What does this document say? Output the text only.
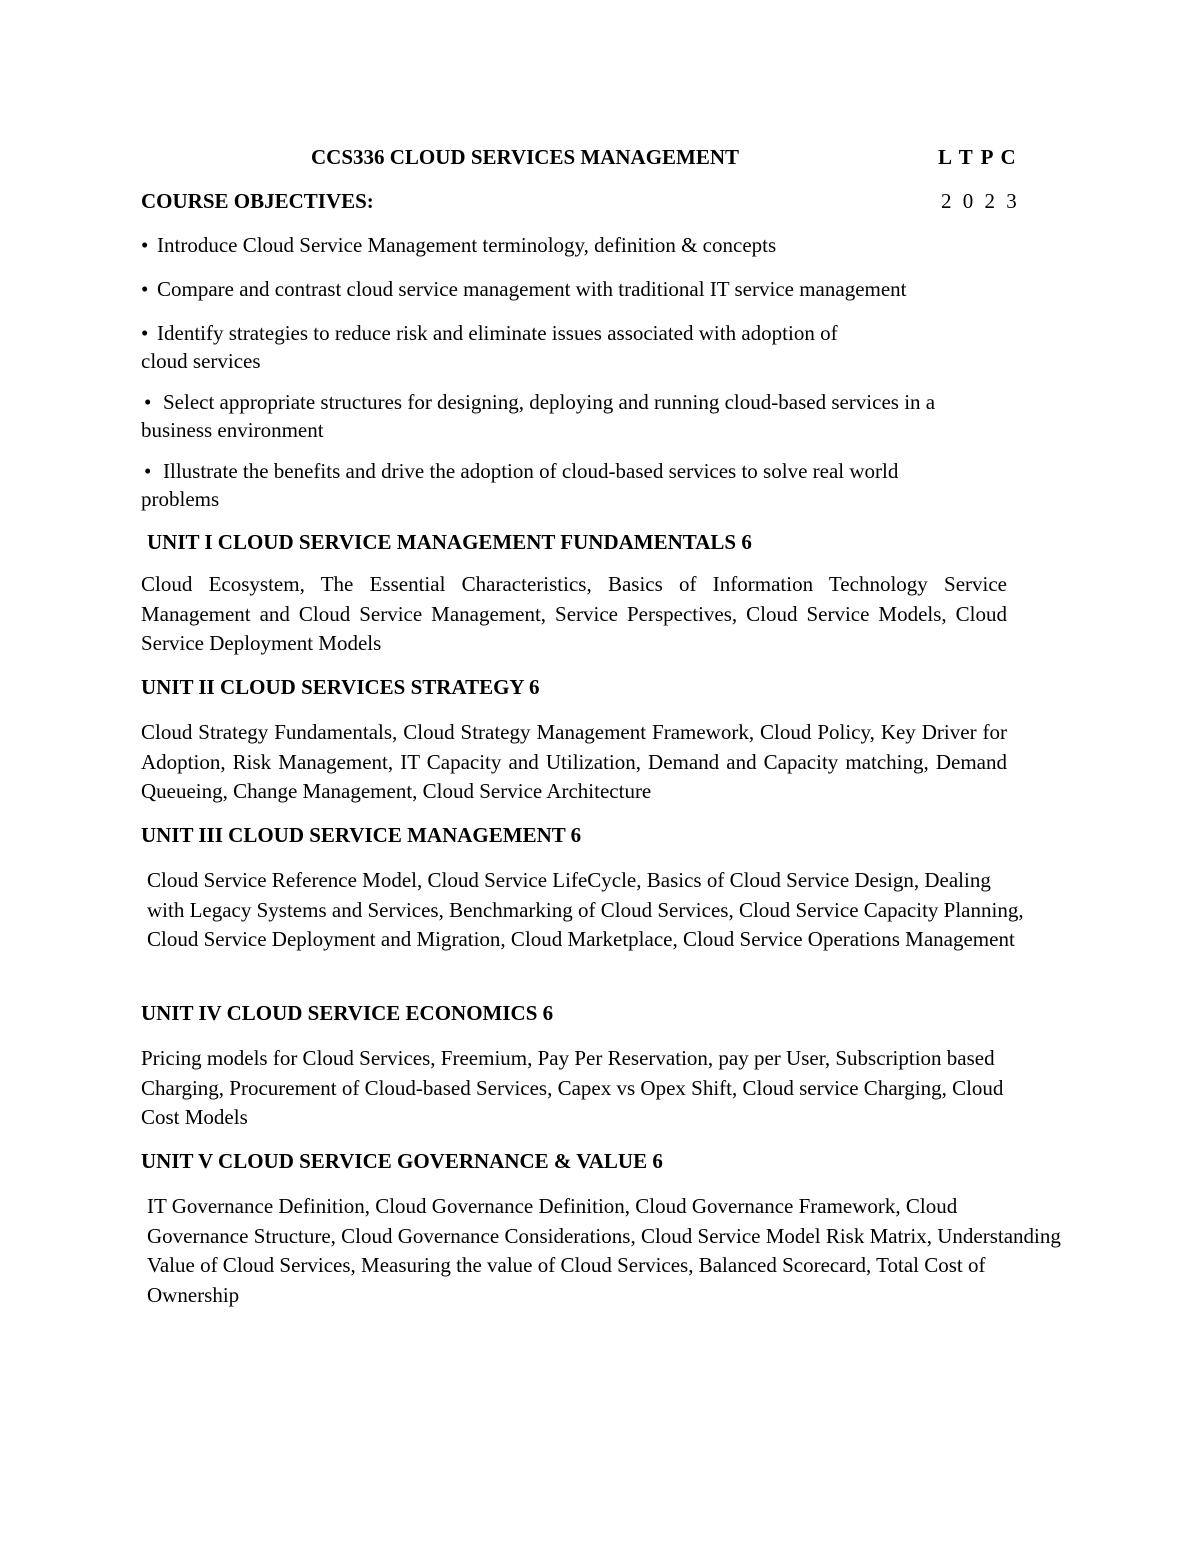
CCS336 CLOUD SERVICES MANAGEMENT	L T P C
2 0 2 3
COURSE OBJECTIVES:
• Introduce Cloud Service Management terminology, definition & concepts
• Compare and contrast cloud service management with traditional IT service management
• Identify strategies to reduce risk and eliminate issues associated with adoption of
cloud services
• Select appropriate structures for designing, deploying and running cloud-based services in a
business environment
• Illustrate the benefits and drive the adoption of cloud-based services to solve real world
problems
UNIT I CLOUD SERVICE MANAGEMENT FUNDAMENTALS 6
Cloud Ecosystem, The Essential Characteristics, Basics of Information Technology Service Management and Cloud Service Management, Service Perspectives, Cloud Service Models, Cloud Service Deployment Models
UNIT II CLOUD SERVICES STRATEGY 6
Cloud Strategy Fundamentals, Cloud Strategy Management Framework, Cloud Policy, Key Driver for Adoption, Risk Management, IT Capacity and Utilization, Demand and Capacity matching, Demand Queueing, Change Management, Cloud Service Architecture
UNIT III CLOUD SERVICE MANAGEMENT 6
Cloud Service Reference Model, Cloud Service LifeCycle, Basics of Cloud Service Design, Dealing with Legacy Systems and Services, Benchmarking of Cloud Services, Cloud Service Capacity Planning, Cloud Service Deployment and Migration, Cloud Marketplace, Cloud Service Operations Management
UNIT IV CLOUD SERVICE ECONOMICS 6
Pricing models for Cloud Services, Freemium, Pay Per Reservation, pay per User, Subscription based Charging, Procurement of Cloud-based Services, Capex vs Opex Shift, Cloud service Charging, Cloud Cost Models
UNIT V CLOUD SERVICE GOVERNANCE & VALUE 6
IT Governance Definition, Cloud Governance Definition, Cloud Governance Framework, Cloud Governance Structure, Cloud Governance Considerations, Cloud Service Model Risk Matrix, Understanding Value of Cloud Services, Measuring the value of Cloud Services, Balanced Scorecard, Total Cost of Ownership
